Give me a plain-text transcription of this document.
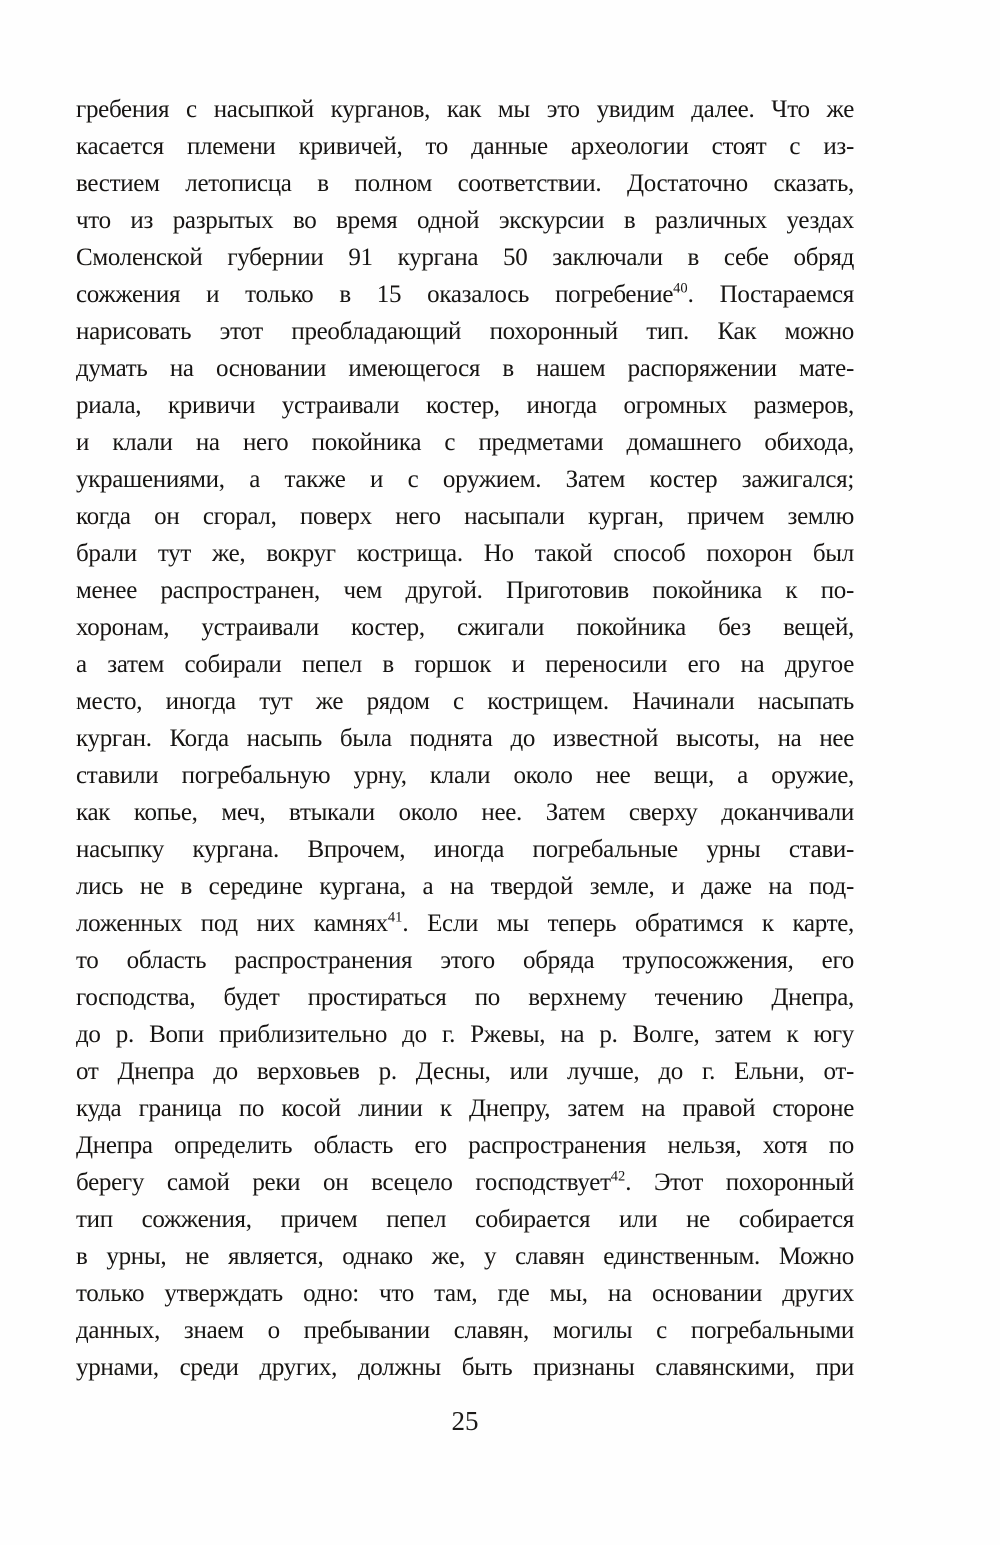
гребения с насыпкой курганов, как мы это увидим далее. Что же
касается племени кривичей, то данные археологии стоят с из-
вестием летописца в полном соответствии. Достаточно сказать,
что из разрытых во время одной экскурсии в различных уездах
Смоленской губернии 91 кургана 50 заключали в себе обряд
сожжения и только в 15 оказалось погребение$^{40}$. Постараемся
нарисовать этот преобладающий похоронный тип. Как можно
думать на основании имеющегося в нашем распоряжении мате-
риала, кривичи устраивали костер, иногда огромных размеров,
и клали на него покойника с предметами домашнего обихода,
украшениями, а также и с оружием. Затем костер зажигался;
когда он сгорал, поверх него насыпали курган, причем землю
брали тут же, вокруг кострища. Но такой способ похорон был
менее распространен, чем другой. Приготовив покойника к по-
хоронам, устраивали костер, сжигали покойника без вещей,
а затем собирали пепел в горшок и переносили его на другое
место, иногда тут же рядом с кострищем. Начинали насыпать
курган. Когда насыпь была поднята до известной высоты, на нее
ставили погребальную урну, клали около нее вещи, а оружие,
как копье, меч, втыкали около нее. Затем сверху доканчивали
насыпку кургана. Впрочем, иногда погребальные урны стави-
лись не в середине кургана, а на твердой земле, и даже на под-
ложенных под них камнях$^{41}$. Если мы теперь обратимся к карте,
то область распространения этого обряда трупосожжения, его
господства, будет простираться по верхнему течению Днепра,
до р. Вопи приблизительно до г. Ржевы, на р. Волге, затем к югу
от Днепра до верховьев р. Десны, или лучше, до г. Ельни, от-
куда граница по косой линии к Днепру, затем на правой стороне
Днепра определить область его распространения нельзя, хотя по
берегу самой реки он всецело господствует$^{42}$. Этот похоронный
тип сожжения, причем пепел собирается или не собирается
в урны, не является, однако же, у славян единственным. Можно
только утверждать одно: что там, где мы, на основании других
данных, знаем о пребывании славян, могилы с погребальными
урнами, среди других, должны быть признаны славянскими, при
25
